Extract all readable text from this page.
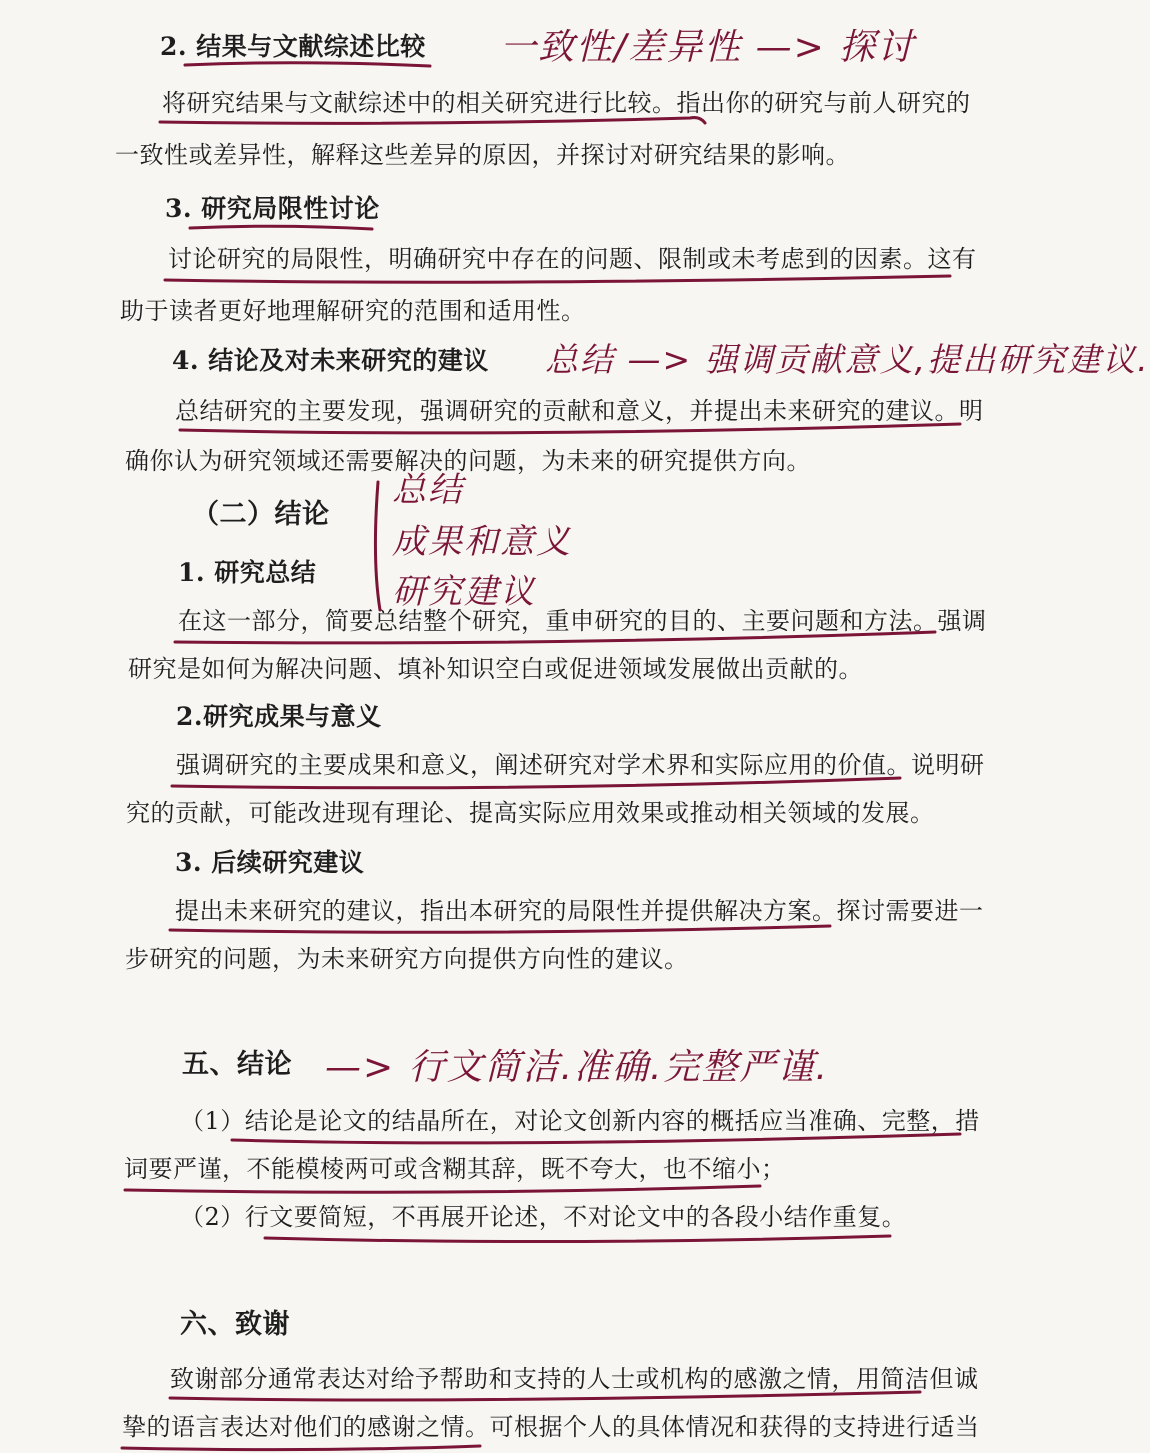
2. 结果与文献综述比较 一致性/差异性 —> 探讨
将研究结果与文献综述中的相关研究进行比较。指出你的研究与前人研究的
一致性或差异性，解释这些差异的原因，并探讨对研究结果的影响。
3. 研究局限性讨论
讨论研究的局限性，明确研究中存在的问题、限制或未考虑到的因素。这有
助于读者更好地理解研究的范围和适用性。
4. 结论及对未来研究的建议 总结 —> 强调贡献意义,提出研究建议.
总结研究的主要发现，强调研究的贡献和意义，并提出未来研究的建议。明
确你认为研究领域还需要解决的问题，为未来的研究提供方向。
（二）结论
总结
成果和意义
研究建议
1. 研究总结
在这一部分，简要总结整个研究，重申研究的目的、主要问题和方法。强调
研究是如何为解决问题、填补知识空白或促进领域发展做出贡献的。
2.研究成果与意义
强调研究的主要成果和意义，阐述研究对学术界和实际应用的价值。说明研
究的贡献，可能改进现有理论、提高实际应用效果或推动相关领域的发展。
3. 后续研究建议
提出未来研究的建议，指出本研究的局限性并提供解决方案。探讨需要进一
步研究的问题，为未来研究方向提供方向性的建议。
五、结论 —> 行文简洁.准确.完整严谨.
（1）结论是论文的结晶所在，对论文创新内容的概括应当准确、完整，措
词要严谨，不能模棱两可或含糊其辞，既不夸大，也不缩小；
（2）行文要简短，不再展开论述，不对论文中的各段小结作重复。
六、致谢
致谢部分通常表达对给予帮助和支持的人士或机构的感激之情，用简洁但诚
挚的语言表达对他们的感谢之情。可根据个人的具体情况和获得的支持进行适当
